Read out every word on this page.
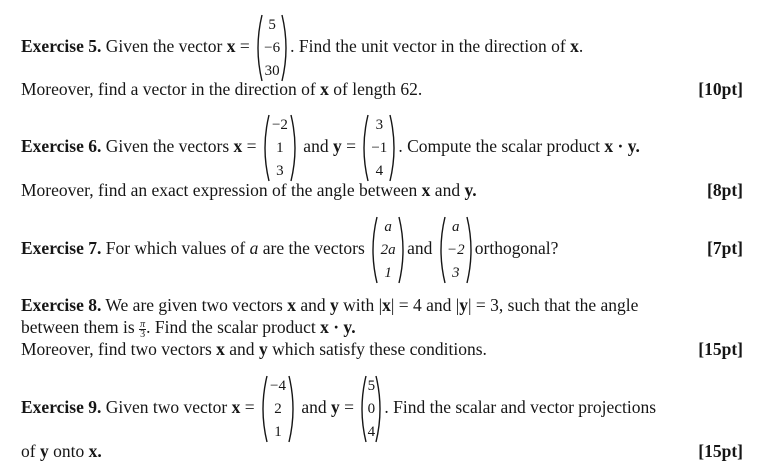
Exercise 5. Given the vector x =
5
−6
30
. Find the unit vector in the direction of x.
Moreover, find a vector in the direction of x of length 62.	[10pt]
Exercise 6. Given the vectors x =
−2
1
3
and y =
3
−1
4
. Compute the scalar product x · y.
Moreover, find an exact expression of the angle between x and y.	[8pt]
Exercise 7. For which values of a are the vectors
a
2a
1
and
a
−2
3
orthogonal?	[7pt]
Exercise 8. We are given two vectors x and y with |x| = 4 and |y| = 3, such that the angle
between them is $\frac{\pi}{3}$ . Find the scalar product x · y.
Moreover, find two vectors x and y which satisfy these conditions.	[15pt]
Exercise 9. Given two vector x =
−4
2
1
and y =
5
0
4
. Find the scalar and vector projections
of y onto x.	[15pt]
